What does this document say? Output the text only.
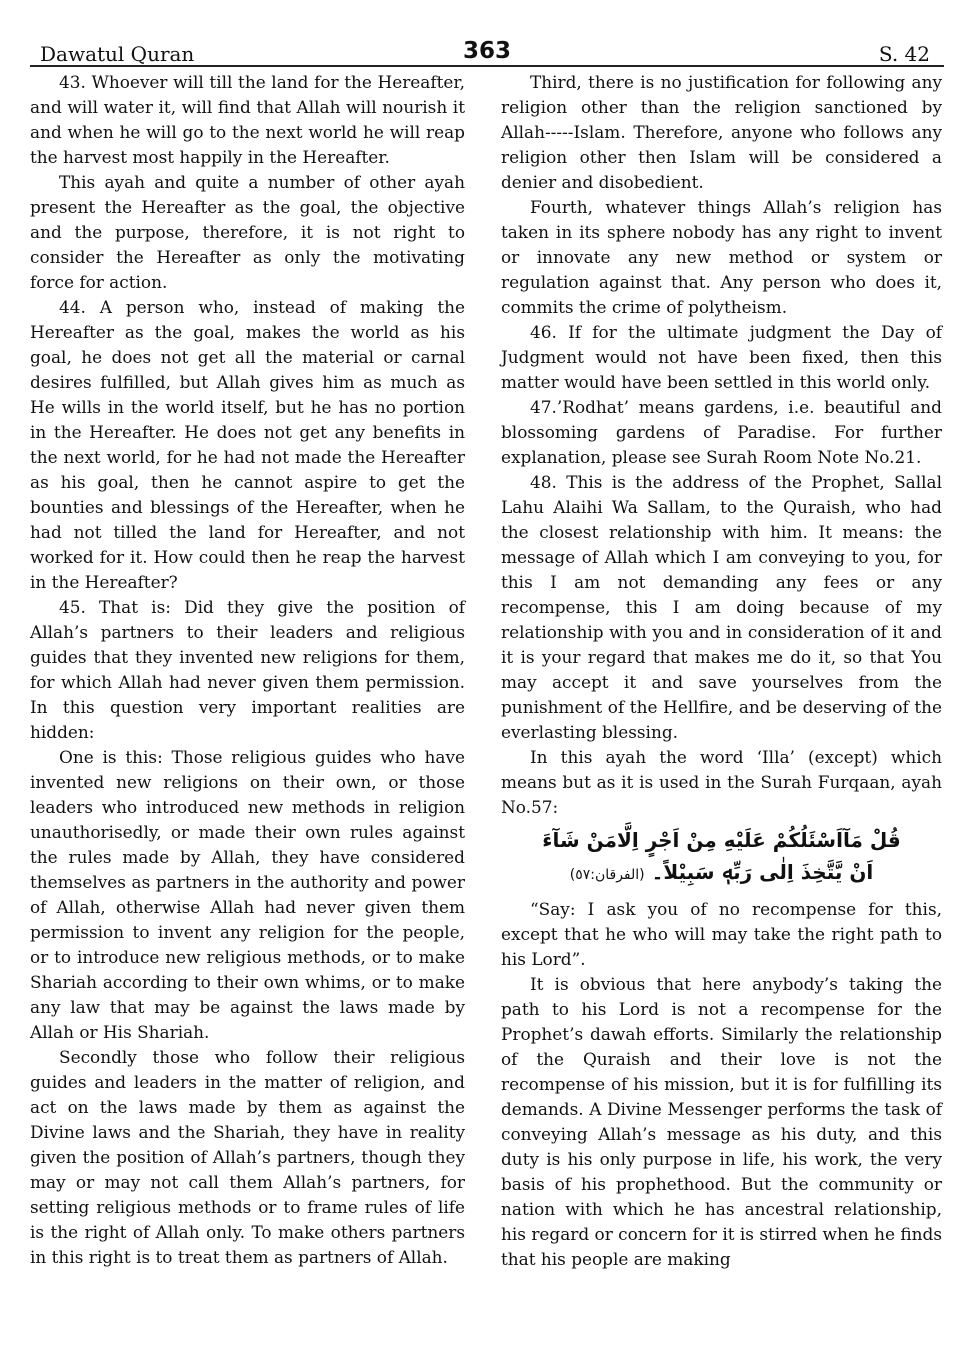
Dawatul Quran	363	S. 42

43. Whoever will till the land for the Hereafter, and will water it, will find that Allah will nourish it and when he will go to the next world he will reap the harvest most happily in the Hereafter.

This ayah and quite a number of other ayah present the Hereafter as the goal, the objective and the purpose, therefore, it is not right to consider the Hereafter as only the motivating force for action.

44. A person who, instead of making the Hereafter as the goal, makes the world as his goal, he does not get all the material or carnal desires fulfilled, but Allah gives him as much as He wills in the world itself, but he has no portion in the Hereafter. He does not get any benefits in the next world, for he had not made the Hereafter as his goal, then he cannot aspire to get the bounties and blessings of the Hereafter, when he had not tilled the land for Hereafter, and not worked for it. How could then he reap the harvest in the Hereafter?

45. That is: Did they give the position of Allah’s partners to their leaders and religious guides that they invented new religions for them, for which Allah had never given them permission. In this question very important realities are hidden:

One is this: Those religious guides who have invented new religions on their own, or those leaders who introduced new methods in religion unauthorisedly, or made their own rules against the rules made by Allah, they have considered themselves as partners in the authority and power of Allah, otherwise Allah had never given them permission to invent any religion for the people, or to introduce new religious methods, or to make Shariah according to their own whims, or to make any law that may be against the laws made by Allah or His Shariah.

Secondly those who follow their religious guides and leaders in the matter of religion, and act on the laws made by them as against the Divine laws and the Shariah, they have in reality given the position of Allah’s partners, though they may or may not call them Allah’s partners, for setting religious methods or to frame rules of life is the right of Allah only. To make others partners in this right is to treat them as partners of Allah.

Third, there is no justification for following any religion other than the religion sanctioned by Allah-----Islam. Therefore, anyone who follows any religion other then Islam will be considered a denier and disobedient.

Fourth, whatever things Allah’s religion has taken in its sphere nobody has any right to invent or innovate any new method or system or regulation against that. Any person who does it, commits the crime of polytheism.

46. If for the ultimate judgment the Day of Judgment would not have been fixed, then this matter would have been settled in this world only.

47.’Rodhat’ means gardens, i.e. beautiful and blossoming gardens of Paradise. For further explanation, please see Surah Room Note No.21.

48. This is the address of the Prophet, Sallal Lahu Alaihi Wa Sallam, to the Quraish, who had the closest relationship with him. It means: the message of Allah which I am conveying to you, for this I am not demanding any fees or any recompense, this I am doing because of my relationship with you and in consideration of it and it is your regard that makes me do it, so that You may accept it and save yourselves from the punishment of the Hellfire, and be deserving of the everlasting blessing.

In this ayah the word ‘Illa’ (except) which means but as it is used in the Surah Furqaan, ayah No.57:

قُلْ مَآاَسْئَلُكُمْ عَلَيْهِ مِنْ اَجْرٍ اِلَّامَنْ شَآءَ
اَنْ يَّتَّخِذَ اِلٰى رَبِّهٖ سَبِيْلاً۔ (الفرقان:٥٧)

“Say: I ask you of no recompense for this, except that he who will may take the right path to his Lord”.

It is obvious that here anybody’s taking the path to his Lord is not a recompense for the Prophet’s dawah efforts. Similarly the relationship of the Quraish and their love is not the recompense of his mission, but it is for fulfilling its demands. A Divine Messenger performs the task of conveying Allah’s message as his duty, and this duty is his only purpose in life, his work, the very basis of his prophethood. But the community or nation with which he has ancestral relationship, his regard or concern for it is stirred when he finds that his people are making
